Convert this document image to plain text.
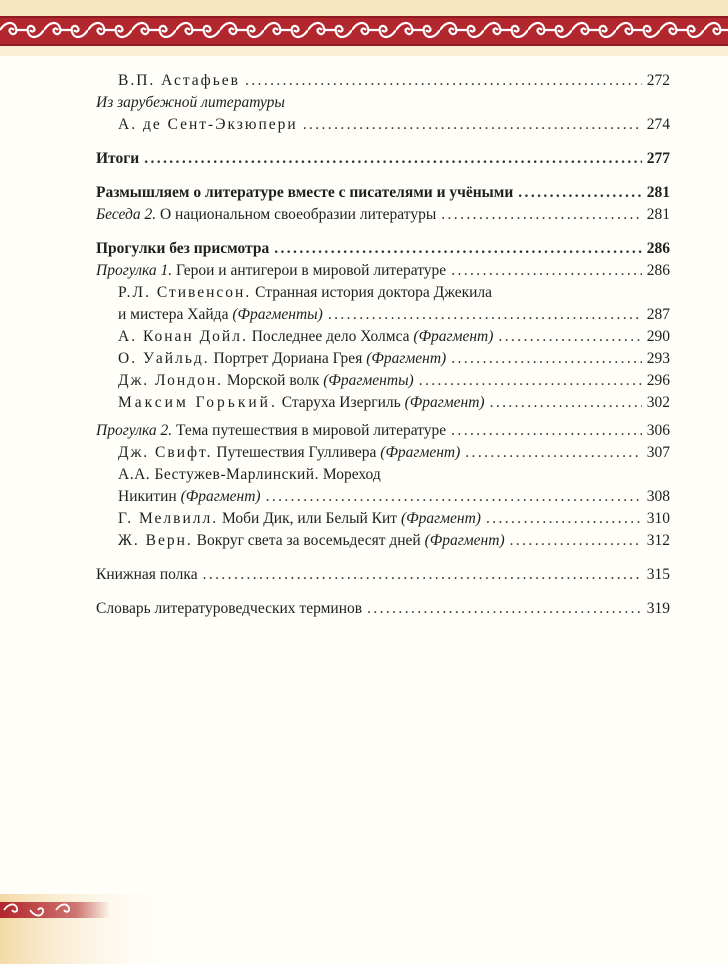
В.П. Астафьев .....	272
Из зарубежной литературы
А. де Сент-Экзюпери .....	274
Итоги .....	277
Размышляем о литературе вместе с писателями и учёными .....	281
Беседа 2. О национальном своеобразии литературы .....	281
Прогулки без присмотра .....	286
Прогулка 1. Герои и антигерои в мировой литературе .....	286
Р.Л. Стивенсон. Странная история доктора Джекила
и мистера Хайда (Фрагменты) .....	287
А. Конан Дойл. Последнее дело Холмса (Фрагмент) .....	290
О. Уайльд. Портрет Дориана Грея (Фрагмент) .....	293
Дж. Лондон. Морской волк (Фрагменты) .....	296
Максим Горький. Старуха Изергиль (Фрагмент) .....	302
Прогулка 2. Тема путешествия в мировой литературе .....	306
Дж. Свифт. Путешествия Гулливера (Фрагмент) .....	307
А.А. Бестужев-Марлинский. Мореход
Никитин (Фрагмент) .....	308
Г. Мелвилл. Моби Дик, или Белый Кит (Фрагмент) .....	310
Ж. Верн. Вокруг света за восемьдесят дней (Фрагмент) .....	312
Книжная полка .....	315
Словарь литературоведческих терминов .....	319
